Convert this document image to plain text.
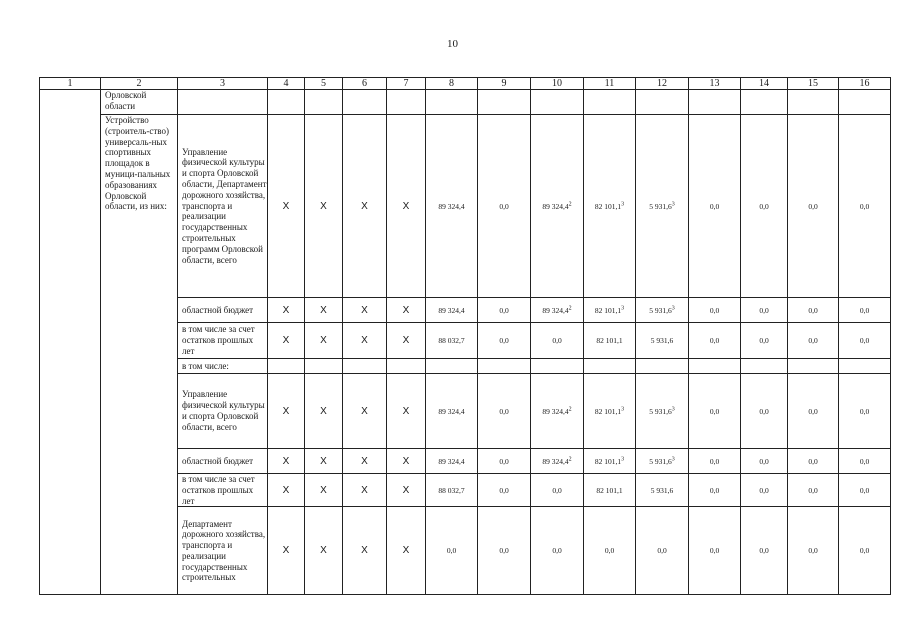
10
1	2	3	4	5	6	7	8	9	10	11	12	13	14	15	16
	Орловской области														
	Устройство (строитель-ство) универсаль-ных спортивных площадок в муници-пальных образованиях Орловской области, из них:	Управление физической культуры и спорта Орловской области, Департамент дорожного хозяйства, транспорта и реализации государственных строительных программ Орловской области, всего	X	X	X	X	89 324,4	0,0	89 324,4$^2$	82 101,1$^3$	5 931,6$^3$	0,0	0,0	0,0	0,0
		областной бюджет	X	X	X	X	89 324,4	0,0	89 324,4$^2$	82 101,1$^3$	5 931,6$^3$	0,0	0,0	0,0	0,0
		в том числе за счет остатков прошлых лет	X	X	X	X	88 032,7	0,0	0,0	82 101,1	5 931,6	0,0	0,0	0,0	0,0
		в том числе:													
		Управление физической культуры и спорта Орловской области, всего	X	X	X	X	89 324,4	0,0	89 324,4$^2$	82 101,1$^3$	5 931,6$^3$	0,0	0,0	0,0	0,0
		областной бюджет	X	X	X	X	89 324,4	0,0	89 324,4$^2$	82 101,1$^3$	5 931,6$^3$	0,0	0,0	0,0	0,0
		в том числе за счет остатков прошлых лет	X	X	X	X	88 032,7	0,0	0,0	82 101,1	5 931,6	0,0	0,0	0,0	0,0
		Департамент дорожного хозяйства, транспорта и реализации государственных строительных	X	X	X	X	0,0	0,0	0,0	0,0	0,0	0,0	0,0	0,0	0,0
